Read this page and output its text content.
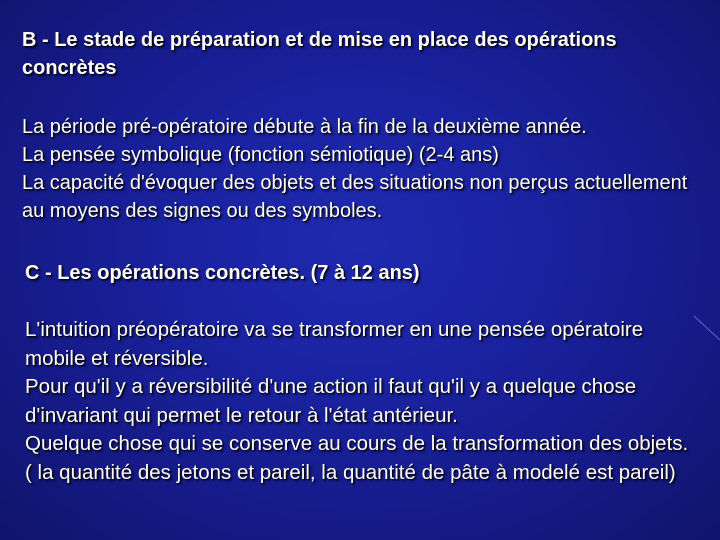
B - Le stade de préparation et de mise en place des opérations concrètes
La période pré-opératoire débute à la fin de la deuxième année.
La pensée symbolique (fonction sémiotique) (2-4 ans)
La capacité d'évoquer des objets et des situations non perçus actuellement au moyens des signes ou des symboles.
C - Les opérations concrètes. (7 à 12 ans)
L'intuition préopératoire va se transformer en une pensée opératoire mobile et réversible.
Pour qu'il y a réversibilité d'une action il faut qu'il y a quelque chose d'invariant qui permet le retour à l'état antérieur.
Quelque chose qui se conserve au cours de la transformation des objets.
( la quantité des jetons et pareil, la quantité de pâte à modelé est pareil)
